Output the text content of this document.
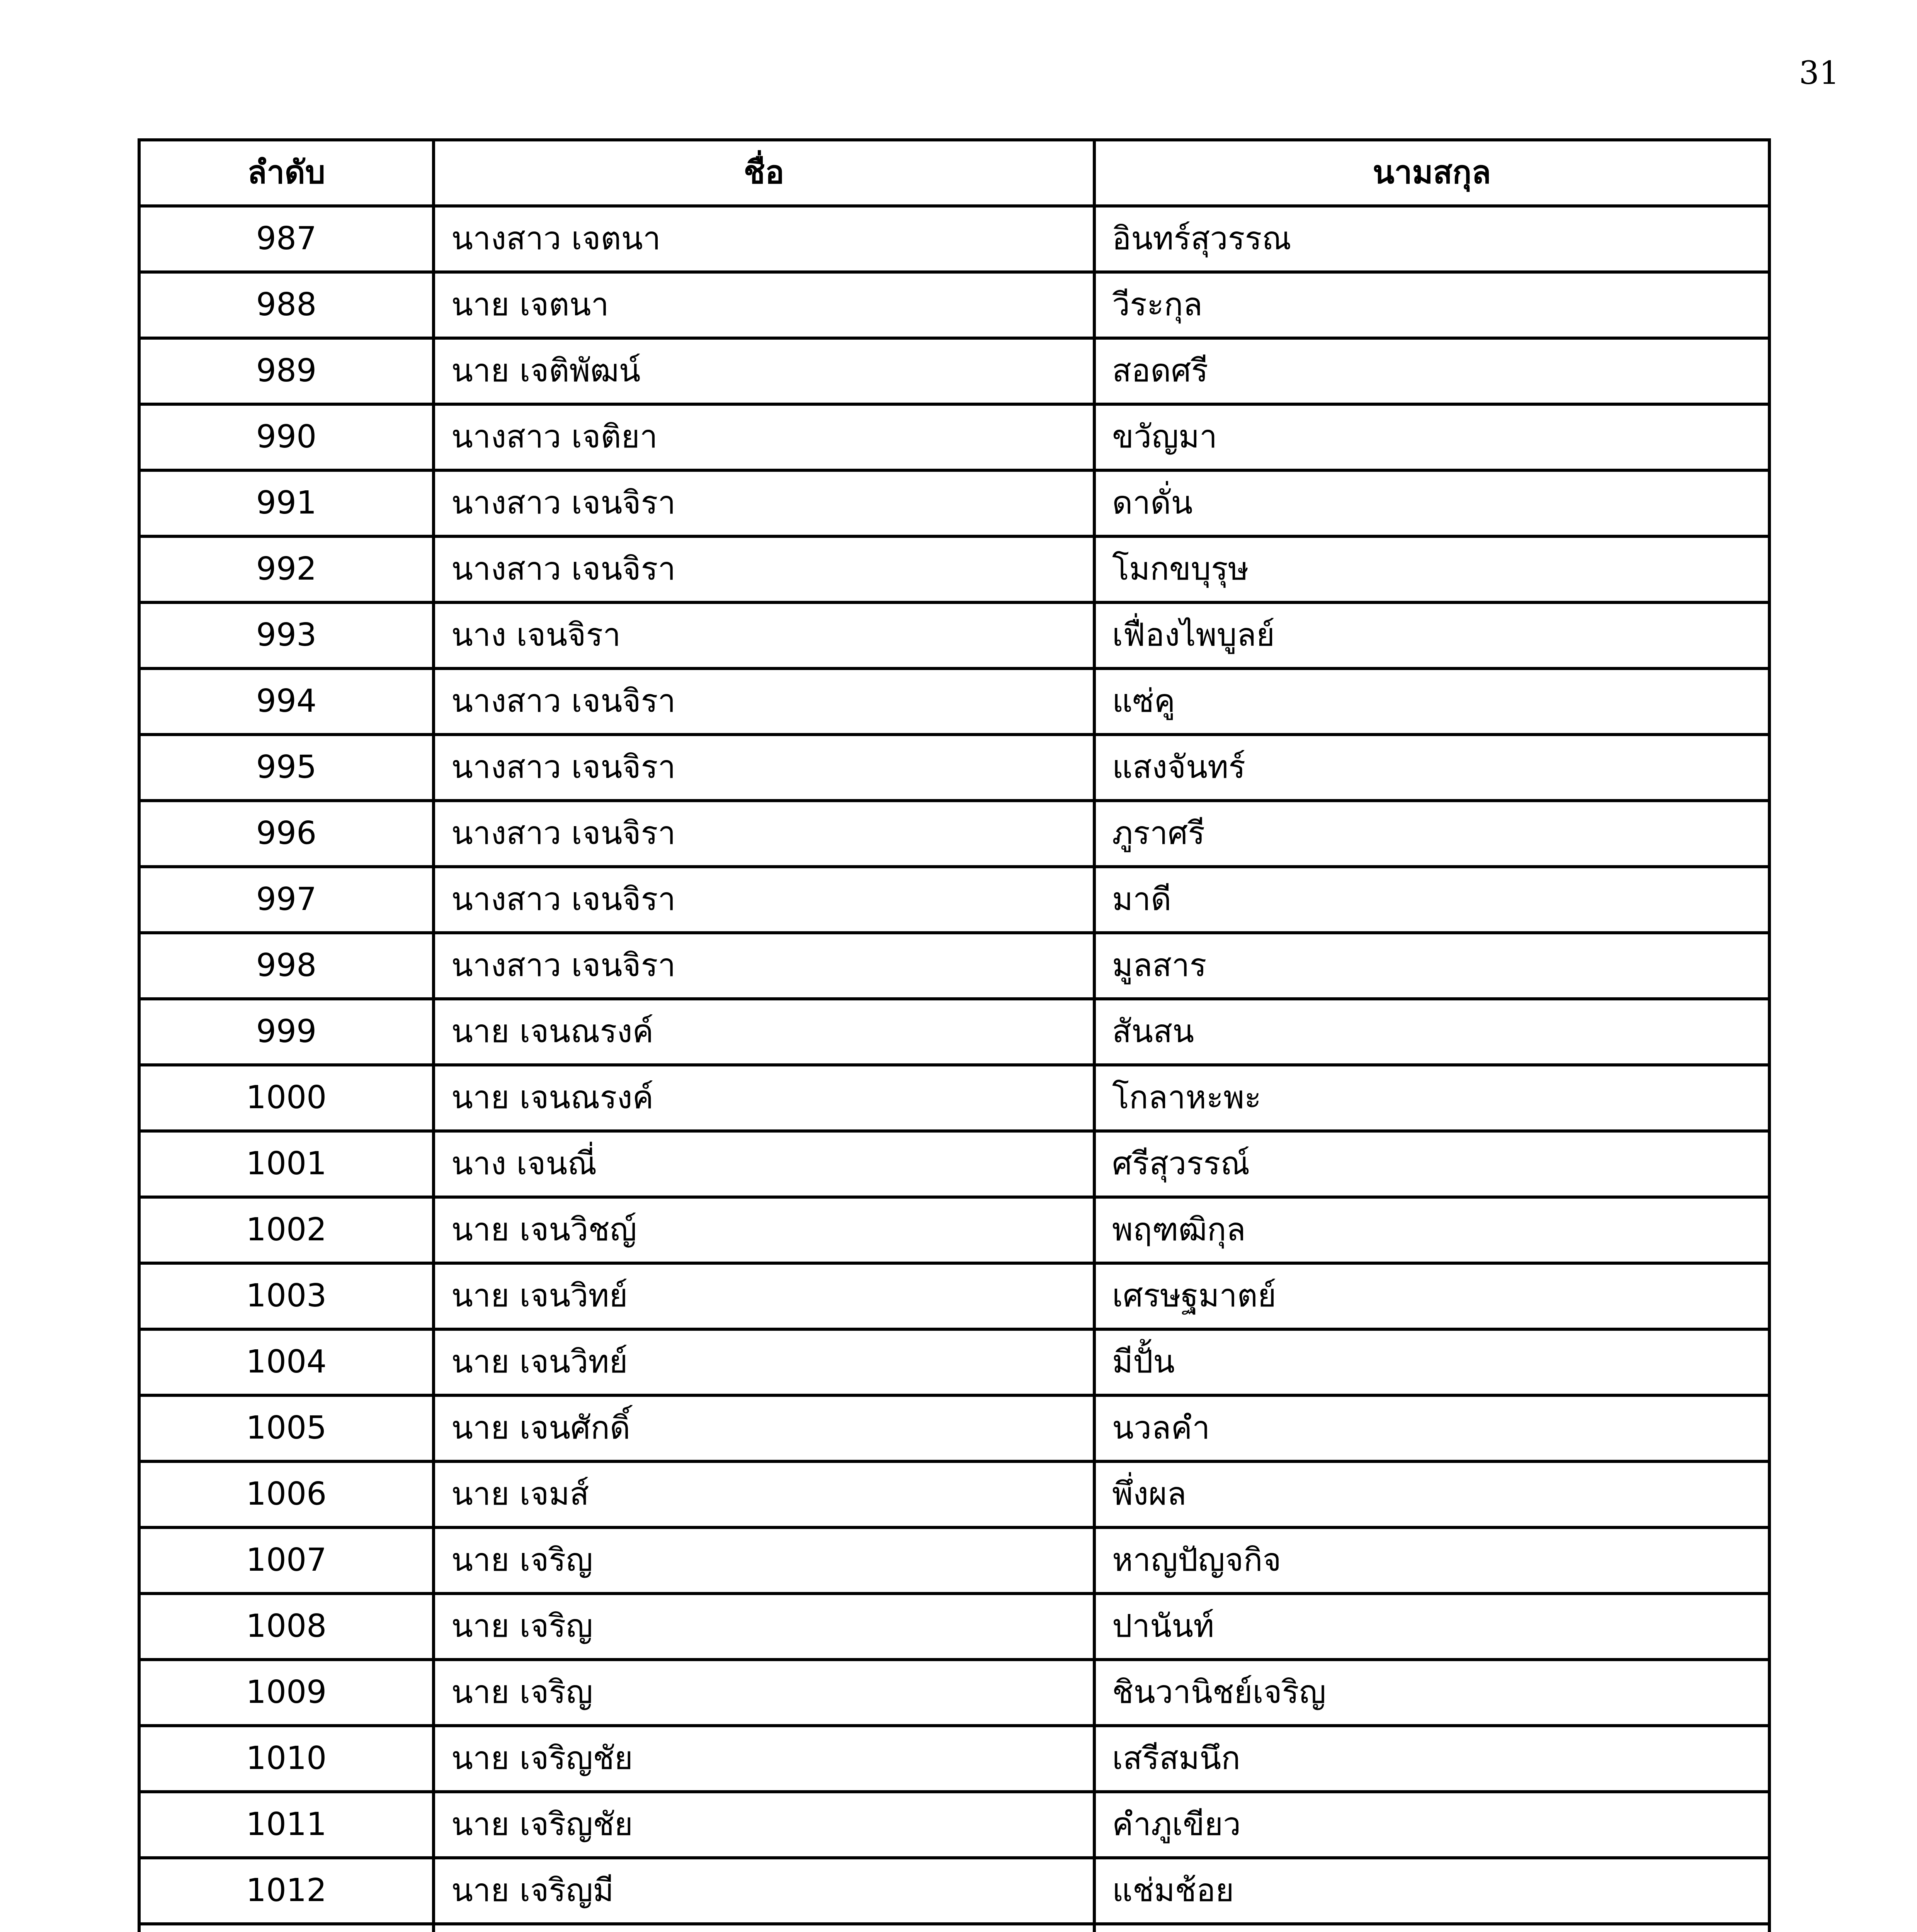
31
ลำดับ	ชื่อ	นามสกุล
987	นางสาว เจตนา	อินทร์สุวรรณ
988	นาย เจตนา	วีระกุล
989	นาย เจติพัฒน์	สอดศรี
990	นางสาว เจติยา	ขวัญมา
991	นางสาว เจนจิรา	ดาดั่น
992	นางสาว เจนจิรา	โมกขบุรุษ
993	นาง เจนจิรา	เฟื่องไพบูลย์
994	นางสาว เจนจิรา	แซ่คู
995	นางสาว เจนจิรา	แสงจันทร์
996	นางสาว เจนจิรา	ภูราศรี
997	นางสาว เจนจิรา	มาดี
998	นางสาว เจนจิรา	มูลสาร
999	นาย เจนณรงค์	สันสน
1000	นาย เจนณรงค์	โกลาหะพะ
1001	นาง เจนณี่	ศรีสุวรรณ์
1002	นาย เจนวิชญ์	พฤฑฒิกุล
1003	นาย เจนวิทย์	เศรษฐมาตย์
1004	นาย เจนวิทย์	มีปั้น
1005	นาย เจนศักดิ์	นวลคำ
1006	นาย เจมส์	พึ่งผล
1007	นาย เจริญ	หาญปัญจกิจ
1008	นาย เจริญ	ปานันท์
1009	นาย เจริญ	ชินวานิชย์เจริญ
1010	นาย เจริญชัย	เสรีสมนึก
1011	นาย เจริญชัย	คำภูเขียว
1012	นาย เจริญมี	แช่มช้อย
